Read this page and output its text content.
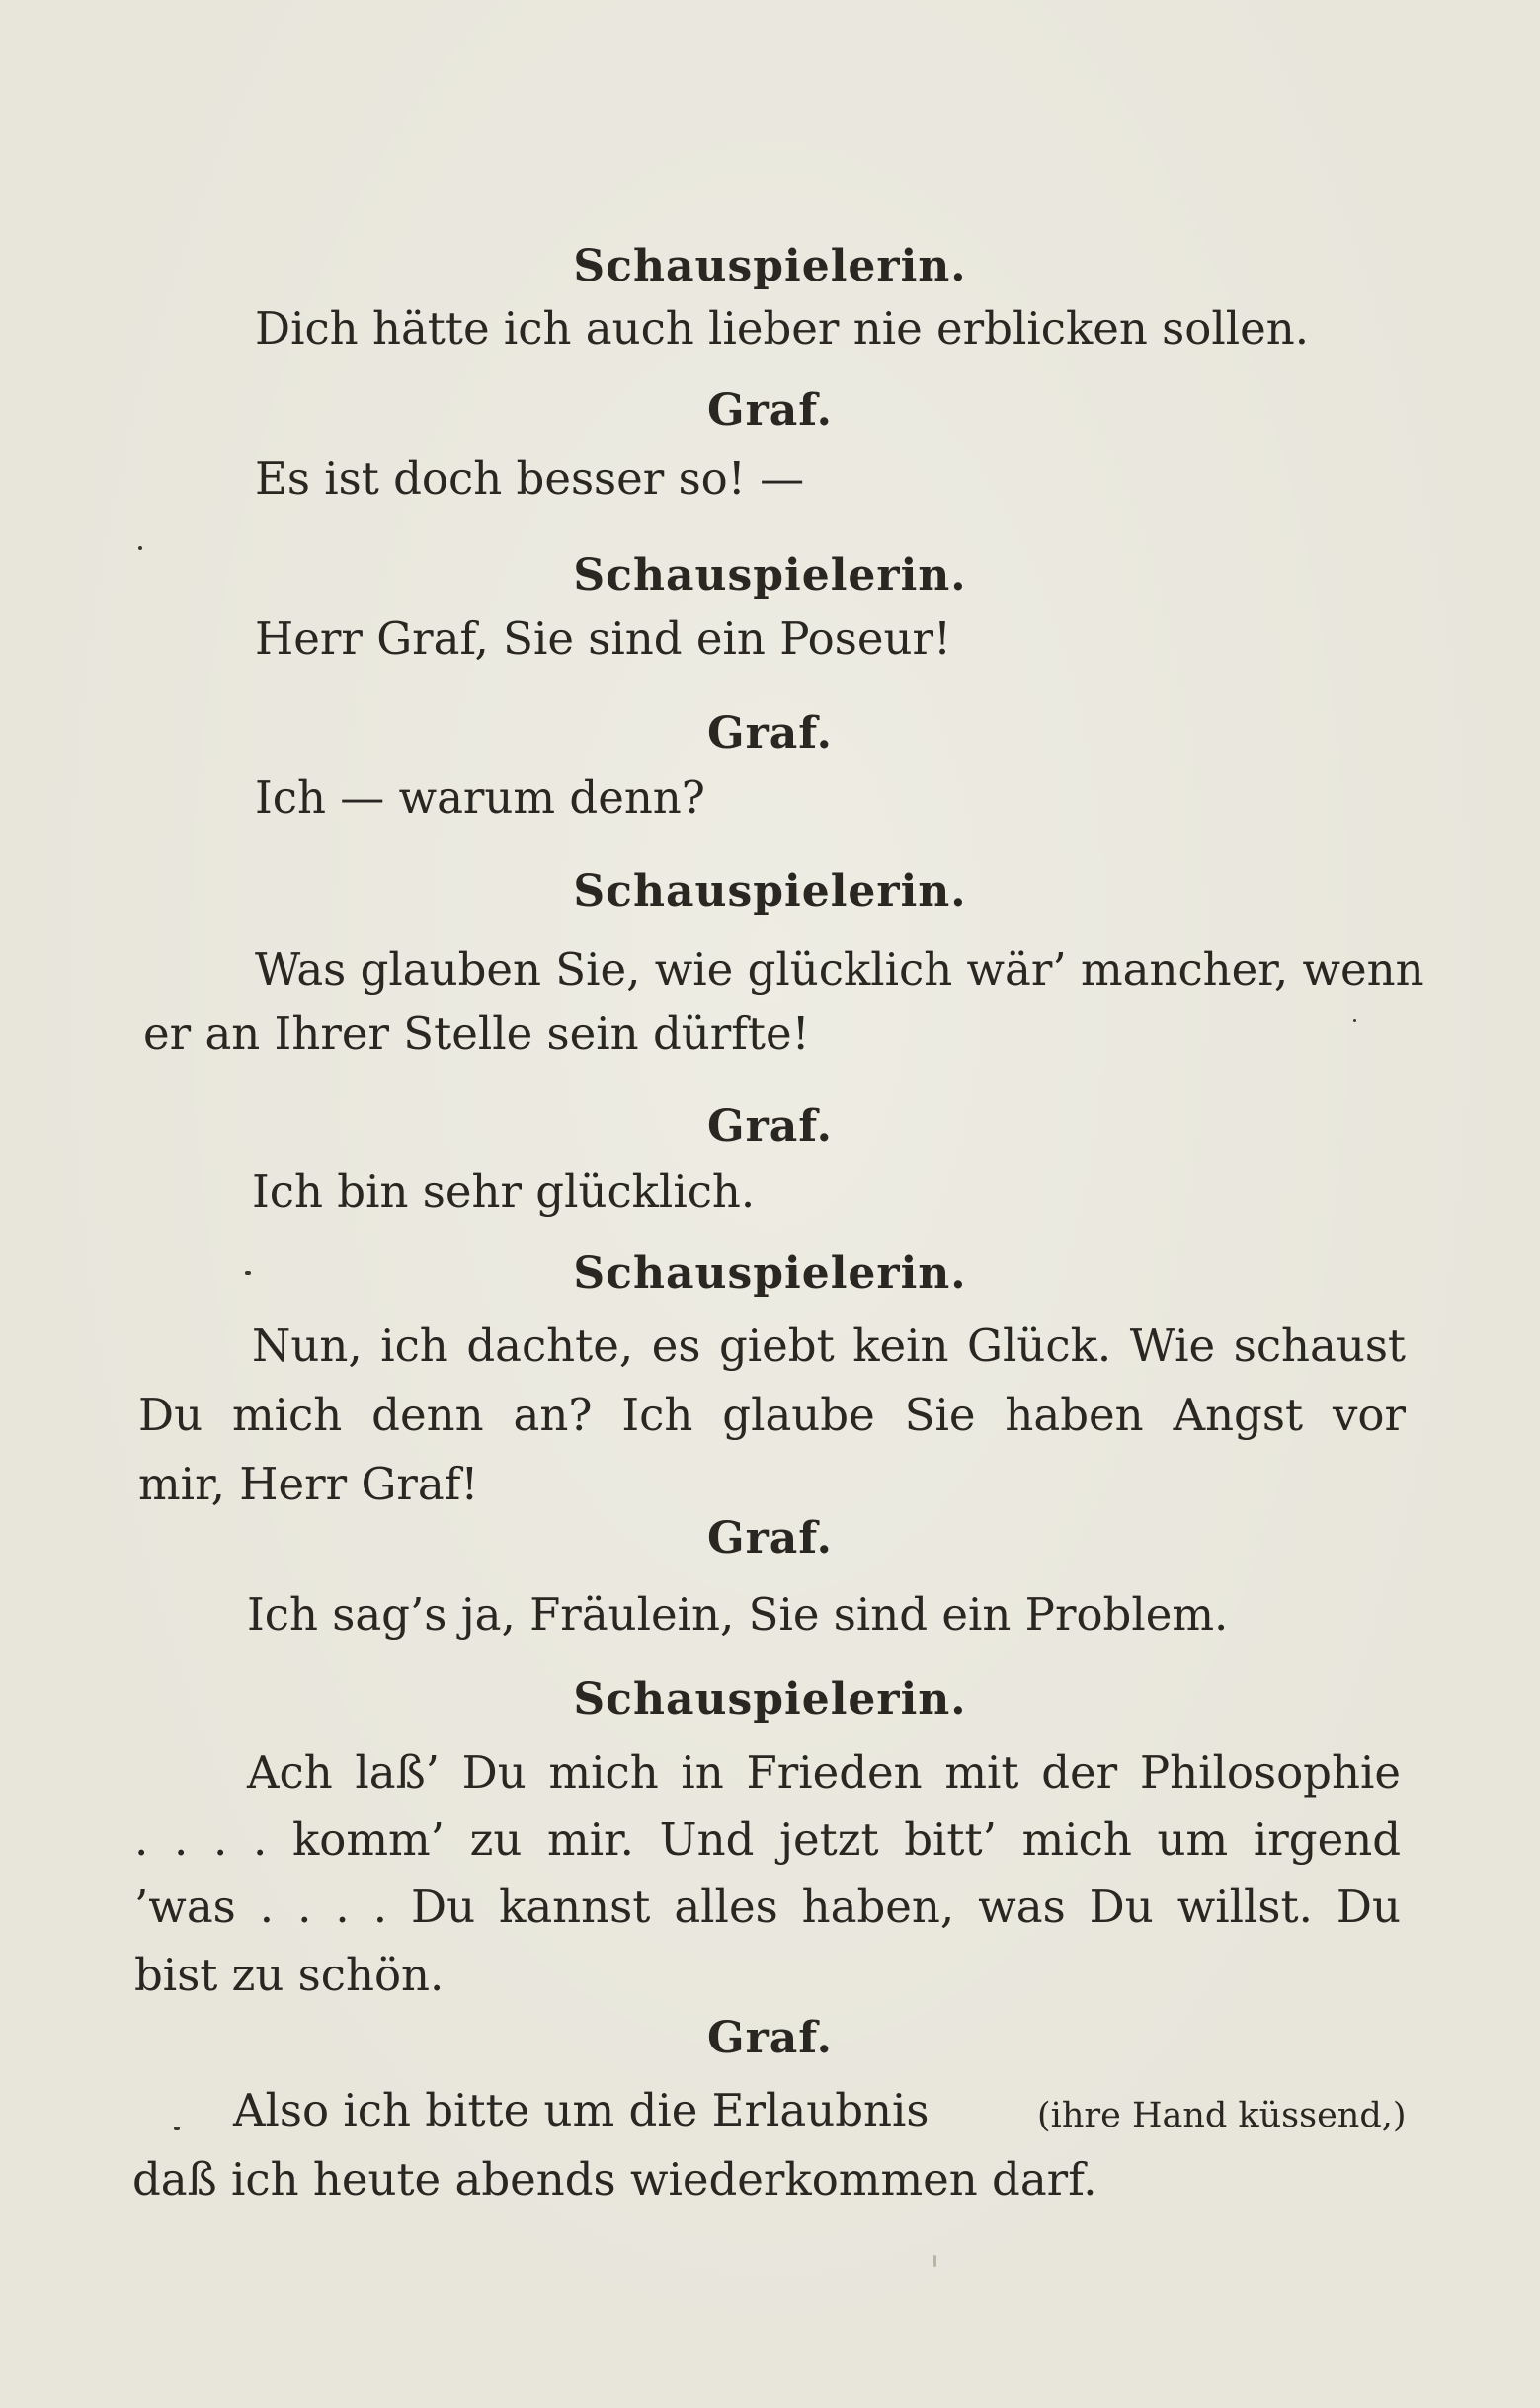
Schauspielerin.
Dich hätte ich auch lieber nie erblicken sollen.
Graf.
Es ist doch besser so! —
Schauspielerin.
Herr Graf, Sie sind ein Poseur!
Graf.
Ich — warum denn?
Schauspielerin.
Was glauben Sie, wie glücklich wär’ mancher, wenn
er an Ihrer Stelle sein dürfte!
Graf.
Ich bin sehr glücklich.
Schauspielerin.
Nun, ich dachte, es giebt kein Glück. Wie schaust
Du mich denn an? Ich glaube Sie haben Angst vor
mir, Herr Graf!
Graf.
Ich sag’s ja, Fräulein, Sie sind ein Problem.
Schauspielerin.
Ach laß’ Du mich in Frieden mit der Philosophie
. . . . komm’ zu mir. Und jetzt bitt’ mich um irgend
’was . . . . Du kannst alles haben, was Du willst. Du
bist zu schön.
Graf.
Also ich bitte um die Erlaubnis	(ihre Hand küssend,)
daß ich heute abends wiederkommen darf.
